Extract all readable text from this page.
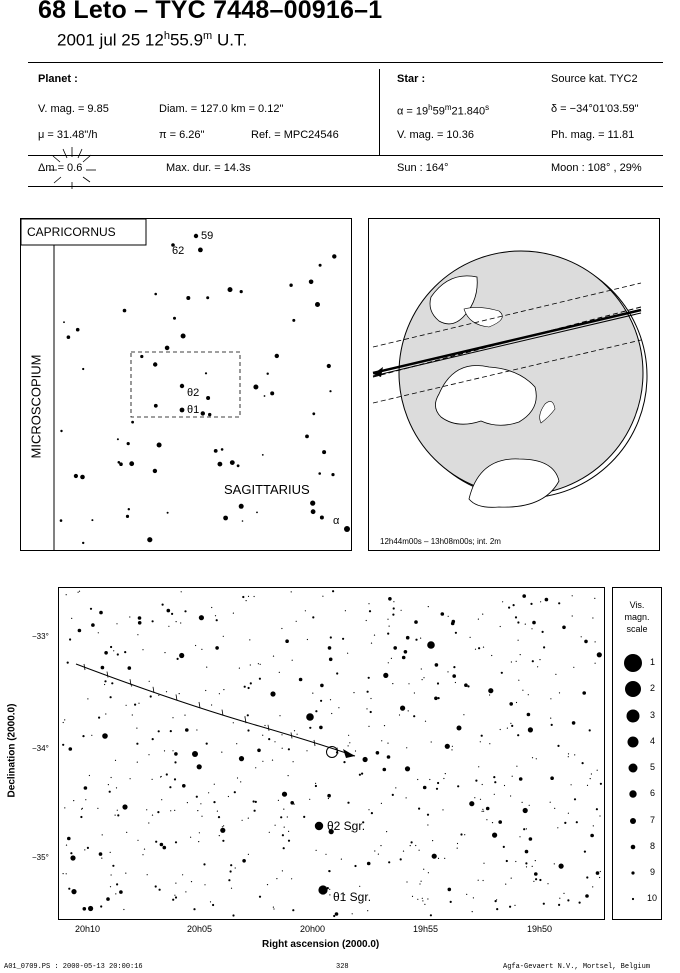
68 Leto – TYC 7448–00916–1
2001 jul 25 12$^h$55.9$^m$ U.T.
Planet :
V. mag. = 9.85	Diam. = 127.0 km = 0.12"
μ = 31.48"/h	π = 6.26"	Ref. = MPC24546
Star :	Source kat. TYC2
$\alpha = 19^h59^m21.840^s$	δ = −34°01'03.59"
V. mag. = 10.36	Ph. mag. = 11.81
Δm = 0.6	Max. dur. = 14.3s	Sun : 164°	Moon : 108° , 29%
CAPRICORNUS
MICROSCOPIUM
SAGITTARIUS
59
62
θ2
θ1
α
12h44m00s – 13h08m00s; int. 2m
θ2 Sgr.
θ1 Sgr.
−33°
−34°
−35°
Declination (2000.0)
20h10	20h05	20h00	19h55	19h50
Right ascension (2000.0)
Vis.
magn.
scale
1
2
3
4
5
6
7
8
9
10
A01_0709.PS : 2000-05-13 20:00:16	328	Agfa-Gevaert N.V., Mortsel, Belgium
